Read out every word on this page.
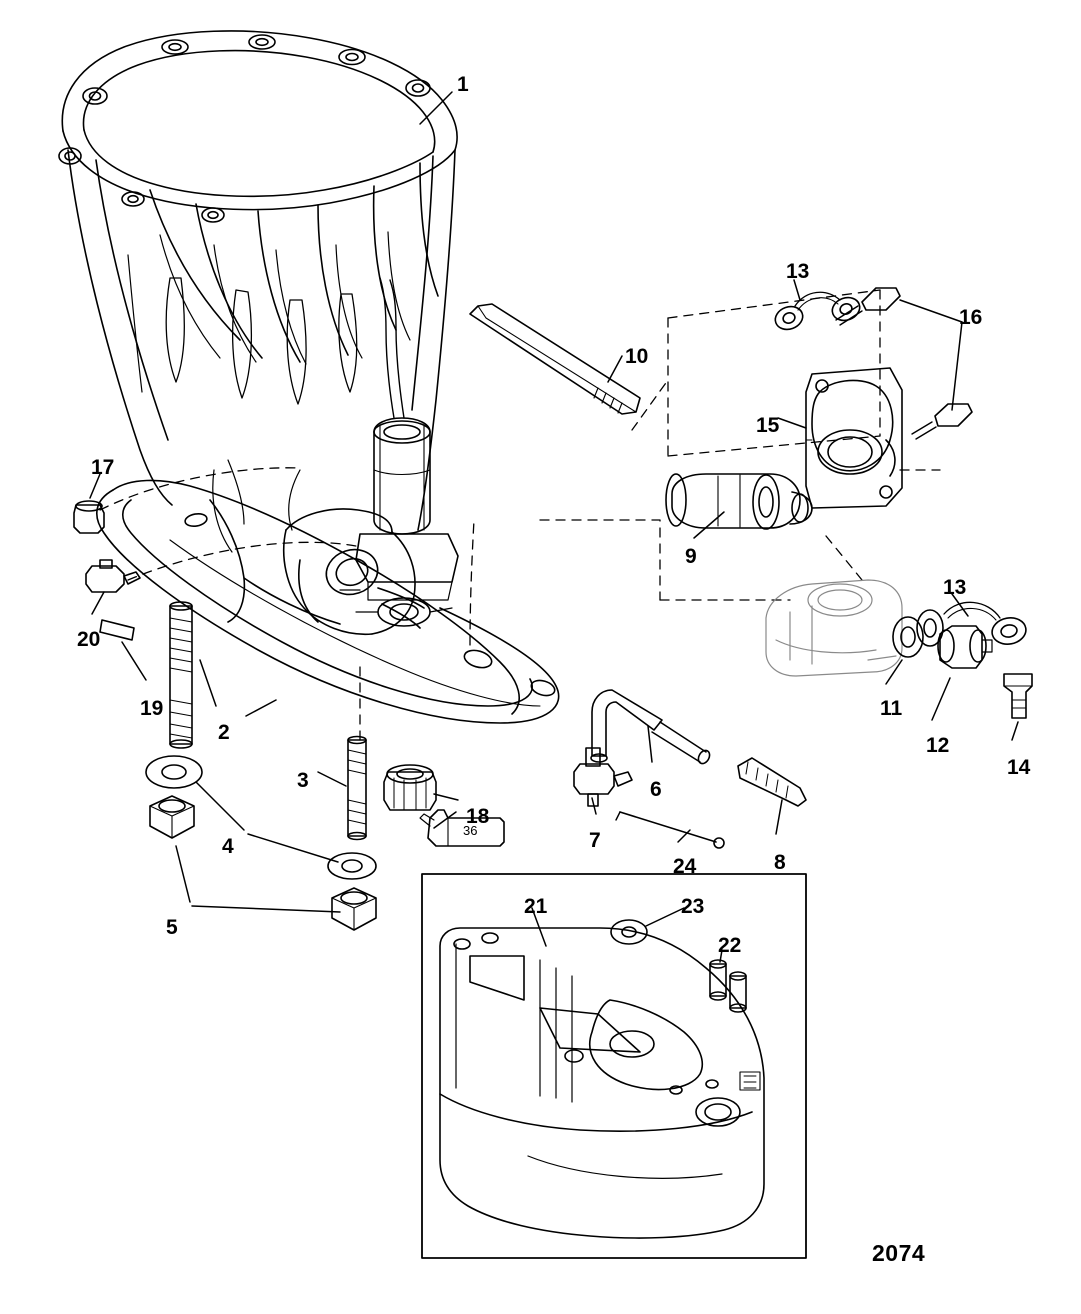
1
2
3
4
5
6
7
8
9
10
11
12
13
13
14
15
16
17
18
19
20
21
22
23
24
36
2074
